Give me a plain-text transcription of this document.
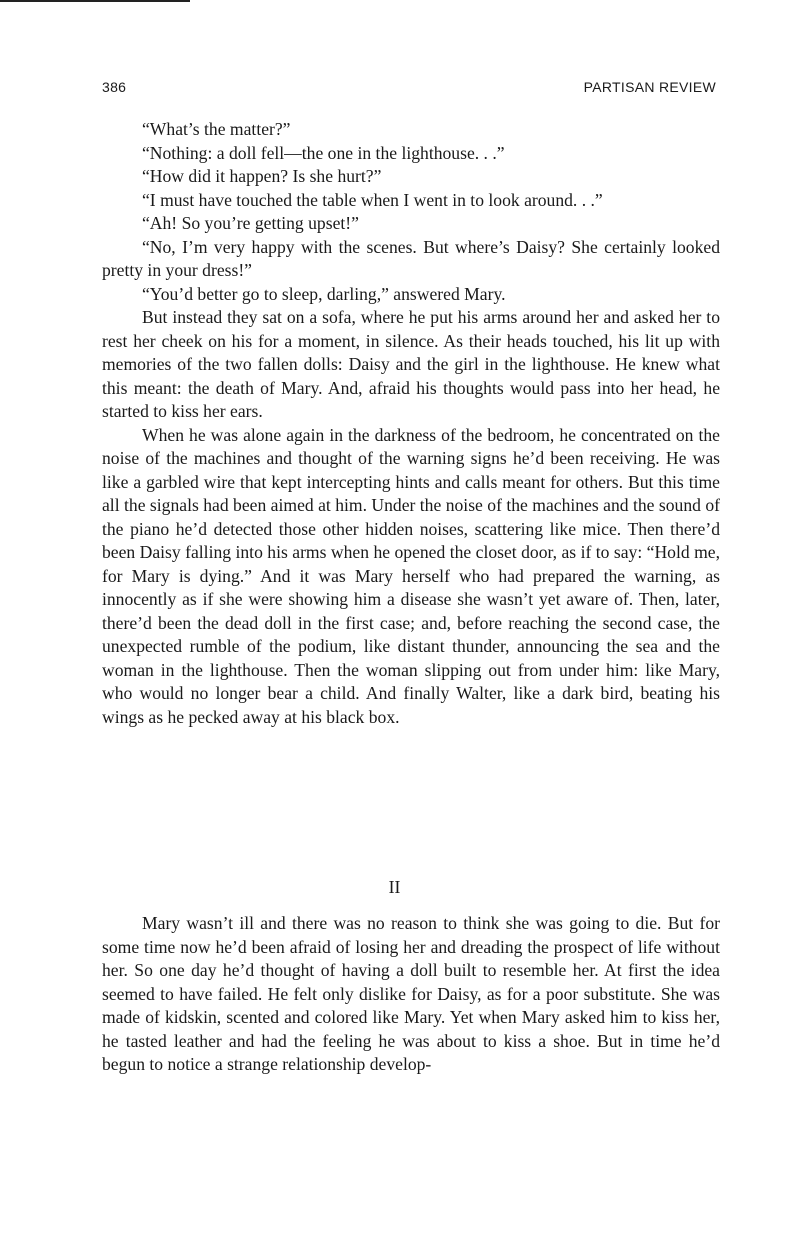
386	PARTISAN REVIEW

“What’s the matter?”

“Nothing: a doll fell—the one in the lighthouse. . .”

“How did it happen? Is she hurt?”

“I must have touched the table when I went in to look around. . .”

“Ah! So you’re getting upset!”

“No, I’m very happy with the scenes. But where’s Daisy? She certainly looked pretty in your dress!”

“You’d better go to sleep, darling,” answered Mary.

But instead they sat on a sofa, where he put his arms around her and asked her to rest her cheek on his for a moment, in silence. As their heads touched, his lit up with memories of the two fallen dolls: Daisy and the girl in the lighthouse. He knew what this meant: the death of Mary. And, afraid his thoughts would pass into her head, he started to kiss her ears.

When he was alone again in the darkness of the bedroom, he concentrated on the noise of the machines and thought of the warning signs he’d been receiving. He was like a garbled wire that kept intercepting hints and calls meant for others. But this time all the signals had been aimed at him. Under the noise of the machines and the sound of the piano he’d detected those other hidden noises, scattering like mice. Then there’d been Daisy falling into his arms when he opened the closet door, as if to say: “Hold me, for Mary is dying.” And it was Mary herself who had prepared the warning, as innocently as if she were showing him a disease she wasn’t yet aware of. Then, later, there’d been the dead doll in the first case; and, before reaching the second case, the unexpected rumble of the podium, like distant thunder, announcing the sea and the woman in the lighthouse. Then the woman slipping out from under him: like Mary, who would no longer bear a child. And finally Walter, like a dark bird, beating his wings as he pecked away at his black box.

II

Mary wasn’t ill and there was no reason to think she was going to die. But for some time now he’d been afraid of losing her and dreading the prospect of life without her. So one day he’d thought of having a doll built to resemble her. At first the idea seemed to have failed. He felt only dislike for Daisy, as for a poor substitute. She was made of kidskin, scented and colored like Mary. Yet when Mary asked him to kiss her, he tasted leather and had the feeling he was about to kiss a shoe. But in time he’d begun to notice a strange relationship develop-
